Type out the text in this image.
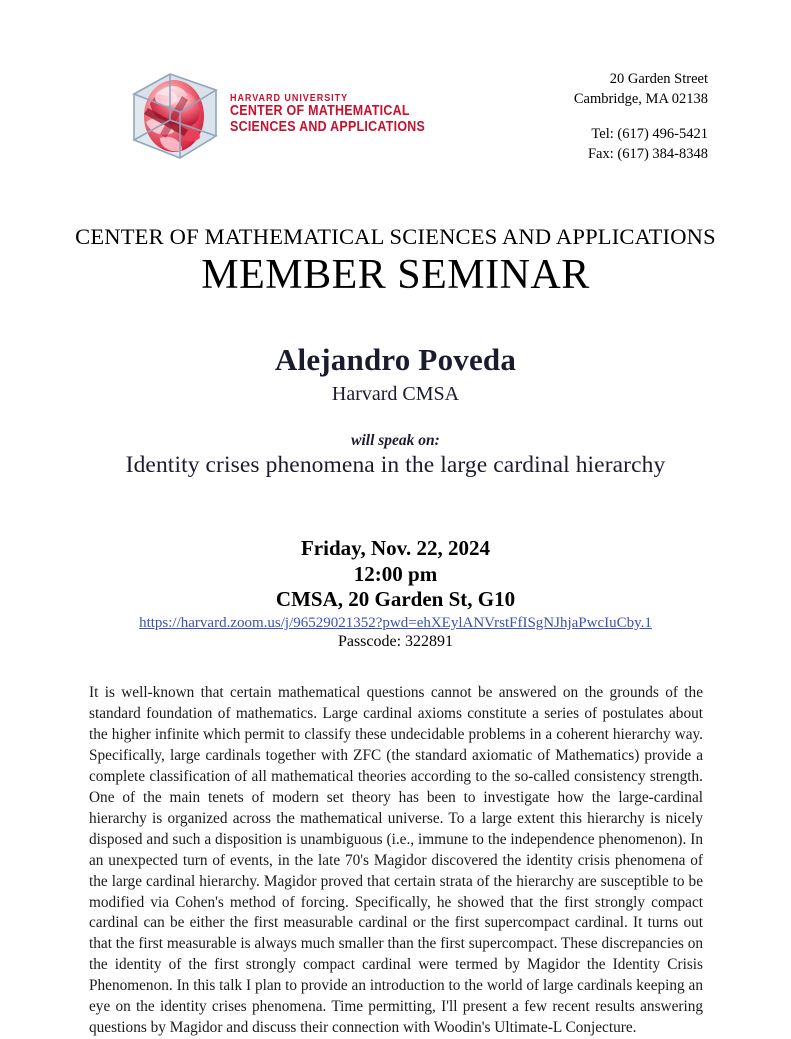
HARVARD UNIVERSITY
CENTER OF MATHEMATICAL
SCIENCES AND APPLICATIONS
20 Garden Street
Cambridge, MA 02138
Tel: (617) 496-5421
Fax: (617) 384-8348
CENTER OF MATHEMATICAL SCIENCES AND APPLICATIONS
MEMBER SEMINAR
Alejandro Poveda
Harvard CMSA
will speak on:
Identity crises phenomena in the large cardinal hierarchy
Friday, Nov. 22, 2024
12:00 pm
CMSA, 20 Garden St, G10
https://harvard.zoom.us/j/96529021352?pwd=ehXEylANVrstFfISgNJhjaPwcIuCby.1
Passcode: 322891
It is well-known that certain mathematical questions cannot be answered on the grounds of the standard foundation of mathematics. Large cardinal axioms constitute a series of postulates about the higher infinite which permit to classify these undecidable problems in a coherent hierarchy way. Specifically, large cardinals together with ZFC (the standard axiomatic of Mathematics) provide a complete classification of all mathematical theories according to the so-called consistency strength. One of the main tenets of modern set theory has been to investigate how the large-cardinal hierarchy is organized across the mathematical universe. To a large extent this hierarchy is nicely disposed and such a disposition is unambiguous (i.e., immune to the independence phenomenon). In an unexpected turn of events, in the late 70's Magidor discovered the identity crisis phenomena of the large cardinal hierarchy. Magidor proved that certain strata of the hierarchy are susceptible to be modified via Cohen's method of forcing. Specifically, he showed that the first strongly compact cardinal can be either the first measurable cardinal or the first supercompact cardinal. It turns out that the first measurable is always much smaller than the first supercompact. These discrepancies on the identity of the first strongly compact cardinal were termed by Magidor the Identity Crisis Phenomenon. In this talk I plan to provide an introduction to the world of large cardinals keeping an eye on the identity crises phenomena. Time permitting, I'll present a few recent results answering questions by Magidor and discuss their connection with Woodin's Ultimate-L Conjecture.
